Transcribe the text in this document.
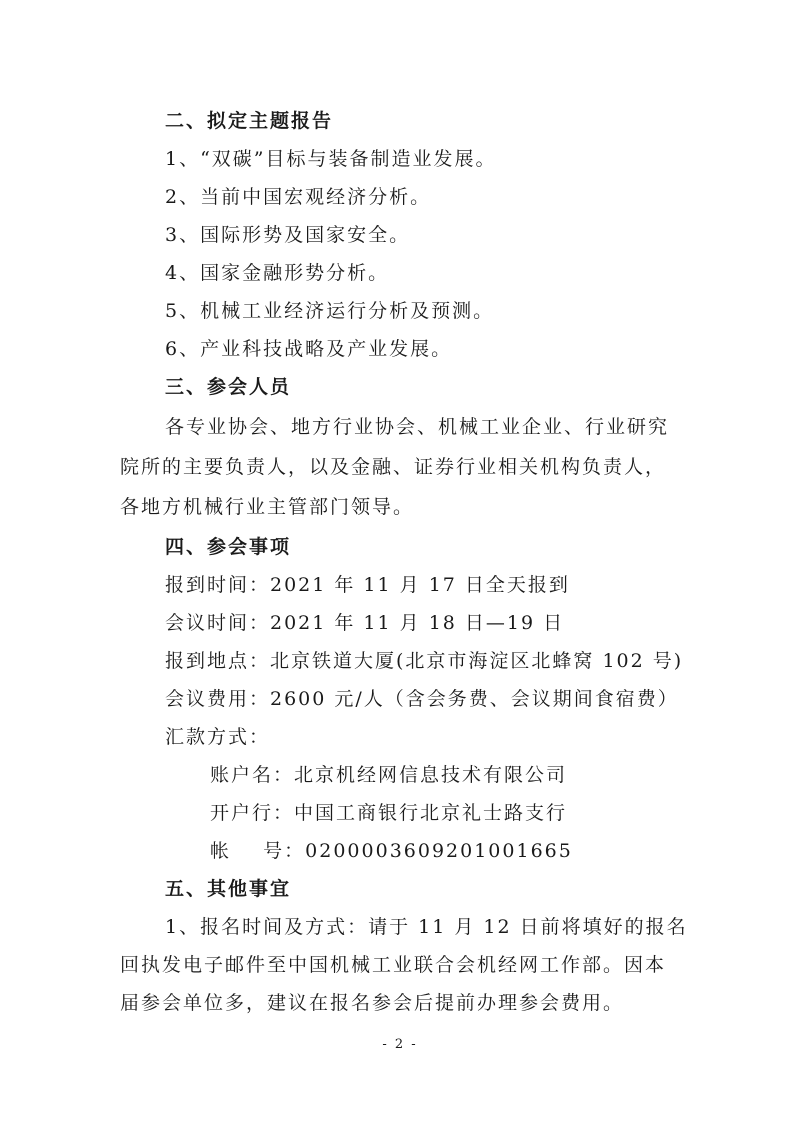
二、拟定主题报告
1、“双碳”目标与装备制造业发展。
2、当前中国宏观经济分析。
3、国际形势及国家安全。
4、国家金融形势分析。
5、机械工业经济运行分析及预测。
6、产业科技战略及产业发展。
三、参会人员
各专业协会、地方行业协会、机械工业企业、行业研究
院所的主要负责人，以及金融、证券行业相关机构负责人，
各地方机械行业主管部门领导。
四、参会事项
报到时间：2021 年 11 月 17 日全天报到
会议时间：2021 年 11 月 18 日—19 日
报到地点：北京铁道大厦(北京市海淀区北蜂窝 102 号)
会议费用：2600 元/人（含会务费、会议期间食宿费）
汇款方式：
账户名：北京机经网信息技术有限公司
开户行：中国工商银行北京礼士路支行
帐    号：0200003609201001665
五、其他事宜
1、报名时间及方式：请于 11 月 12 日前将填好的报名
回执发电子邮件至中国机械工业联合会机经网工作部。因本
届参会单位多，建议在报名参会后提前办理参会费用。
- 2 -
